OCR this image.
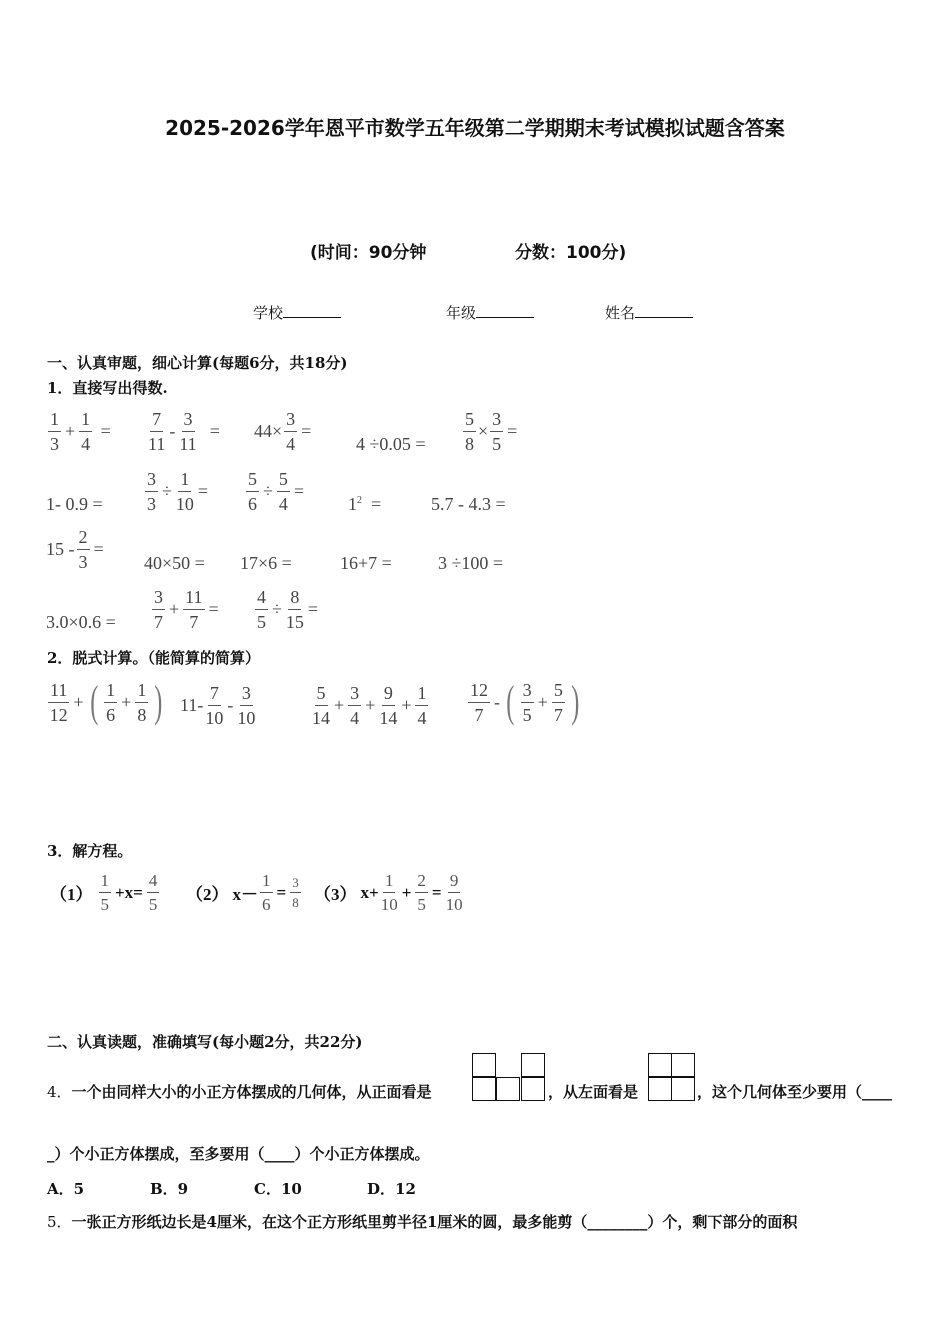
2025-2026学年恩平市数学五年级第二学期期末考试模拟试题含答案
(时间：90分钟	分数：100分)
学校	年级	姓名
一、认真审题，细心计算(每题6分，共18分)
1．直接写出得数.
1
3
+ $\frac{1}{4}$ =
7
11
- $\frac{3}{11} = 44\times \frac{3}{4}$ =
$4 \div 0.05 = \frac{5}{8} \times \frac{3}{5}$ =
1- $0.9 = \frac{3}{3} \div \frac{1}{10} = \frac{5}{6} \div \frac{5}{4}$ =
$1^2$  =	5.7 - 4.3 =
$15 - \frac{2}{3}$ =
40×50 = 17×6 =	16+7 =	3 ÷100 =
3.0×0.6 =
3
7
+ $\frac{11}{7} = \frac{4}{5} \div \frac{8}{15}$ =
2．脱式计算。（能简算的简算）
11
12
+ ( 1
6
+ $\frac{1}{8}$ ) 11-
7
10
-
3
10
5
14
+ $\frac{3}{4} + \frac{9}{14} + \frac{1}{4} 12$
7
- ( 3
5
+ $\frac{5}{7}$ )
3．解方程。
（1）
1
5
$+x= \frac{4}{5} (2)$ $x- \frac{1}{6} = \frac{3}{8} (3)$ $x+ \frac{1}{10} + \frac{2}{5} = \frac{9}{10}$
二、认真读题，准确填写(每小题2分，共22分)
4．一个由同样大小的小正方体摆成的几何体，从正面看是	，从左面看是	，这个几何体至少要用（____
_）个小正方体摆成，至多要用（____）个小正方体摆成。
A．5	B．9	C．10	D．12
5．一张正方形纸边长是4厘米，在这个正方形纸里剪半径1厘米的圆，最多能剪（________）个，剩下部分的面积
